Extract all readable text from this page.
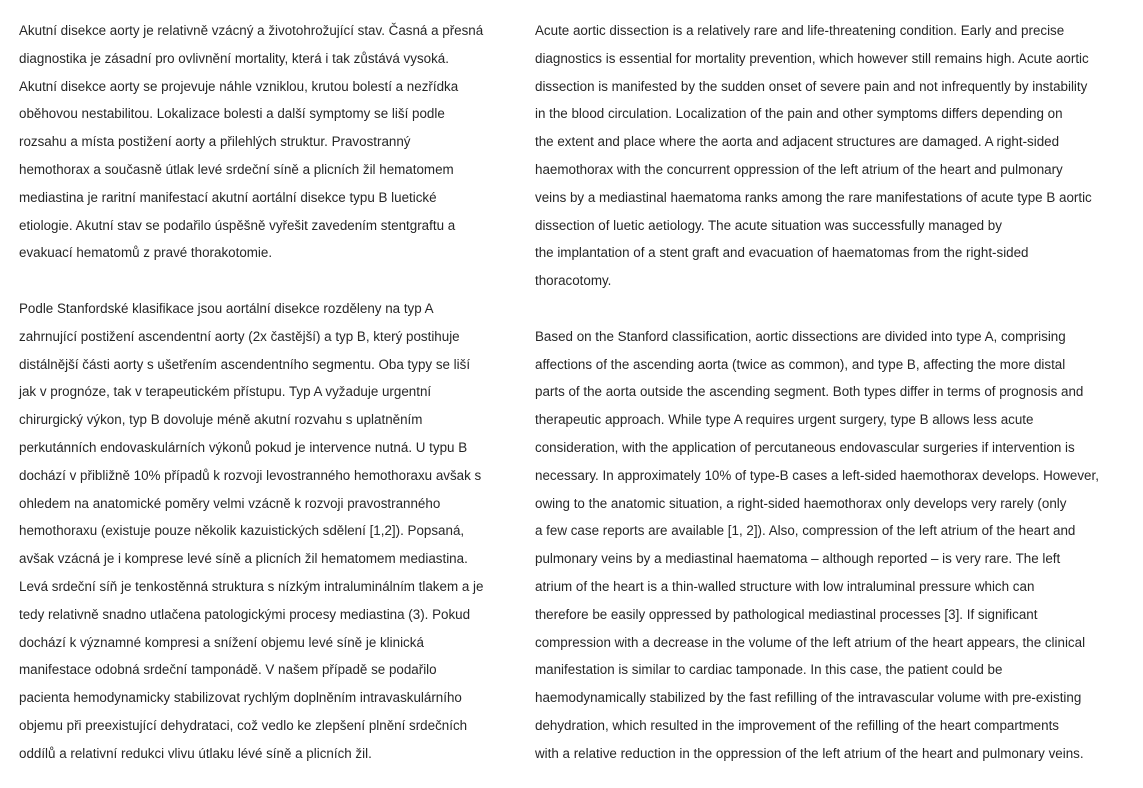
Akutní disekce aorty je relativně vzácný a životohrožující stav. Časná a přesná
diagnostika je zásadní pro ovlivnění mortality, která i tak zůstává vysoká.
Akutní disekce aorty se projevuje náhle vzniklou, krutou bolestí a nezřídka
oběhovou nestabilitou. Lokalizace bolesti a další symptomy se liší podle
rozsahu a místa postižení aorty a přilehlých struktur. Pravostranný
hemothorax a současně útlak levé srdeční síně a plicních žil hematomem
mediastina je raritní manifestací akutní aortální disekce typu B luetické
etiologie. Akutní stav se podařilo úspěšně vyřešit zavedením stentgraftu a
evakuací hematomů z pravé thorakotomie.
Podle Stanfordské klasifikace jsou aortální disekce rozděleny na typ A
zahrnující postižení ascendentní aorty (2x častější) a typ B, který postihuje
distálnější části aorty s ušetřením ascendentního segmentu. Oba typy se liší
jak v prognóze, tak v terapeutickém přístupu. Typ A vyžaduje urgentní
chirurgický výkon, typ B dovoluje méně akutní rozvahu s uplatněním
perkutánních endovaskulárních výkonů pokud je intervence nutná. U typu B
dochází v přibližně 10% případů k rozvoji levostranného hemothoraxu avšak s
ohledem na anatomické poměry velmi vzácně k rozvoji pravostranného
hemothoraxu (existuje pouze několik kazuistických sdělení [1,2]). Popsaná,
avšak vzácná je i komprese levé síně a plicních žil hematomem mediastina.
Levá srdeční síň je tenkostěnná struktura s nízkým intraluminálním tlakem a je
tedy relativně snadno utlačena patologickými procesy mediastina (3). Pokud
dochází k významné kompresi a snížení objemu levé síně je klinická
manifestace odobná srdeční tamponádě. V našem případě se podařilo
pacienta hemodynamicky stabilizovat rychlým doplněním intravaskulárního
objemu při preexistující dehydrataci, což vedlo ke zlepšení plnění srdečních
oddílů a relativní redukci vlivu útlaku lévé síně a plicních žil.
Acute aortic dissection is a relatively rare and life-threatening condition. Early and precise
diagnostics is essential for mortality prevention, which however still remains high. Acute aortic
dissection is manifested by the sudden onset of severe pain and not infrequently by instability
in the blood circulation. Localization of the pain and other symptoms differs depending on
the extent and place where the aorta and adjacent structures are damaged. A right-sided
haemothorax with the concurrent oppression of the left atrium of the heart and pulmonary
veins by a mediastinal haematoma ranks among the rare manifestations of acute type B aortic
dissection of luetic aetiology. The acute situation was successfully managed by
the implantation of a stent graft and evacuation of haematomas from the right-sided
thoracotomy.
Based on the Stanford classification, aortic dissections are divided into type A, comprising
affections of the ascending aorta (twice as common), and type B, affecting the more distal
parts of the aorta outside the ascending segment. Both types differ in terms of prognosis and
therapeutic approach. While type A requires urgent surgery, type B allows less acute
consideration, with the application of percutaneous endovascular surgeries if intervention is
necessary. In approximately 10% of type-B cases a left-sided haemothorax develops. However,
owing to the anatomic situation, a right-sided haemothorax only develops very rarely (only
a few case reports are available [1, 2]). Also, compression of the left atrium of the heart and
pulmonary veins by a mediastinal haematoma – although reported – is very rare. The left
atrium of the heart is a thin-walled structure with low intraluminal pressure which can
therefore be easily oppressed by pathological mediastinal processes [3]. If significant
compression with a decrease in the volume of the left atrium of the heart appears, the clinical
manifestation is similar to cardiac tamponade. In this case, the patient could be
haemodynamically stabilized by the fast refilling of the intravascular volume with pre-existing
dehydration, which resulted in the improvement of the refilling of the heart compartments
with a relative reduction in the oppression of the left atrium of the heart and pulmonary veins.
